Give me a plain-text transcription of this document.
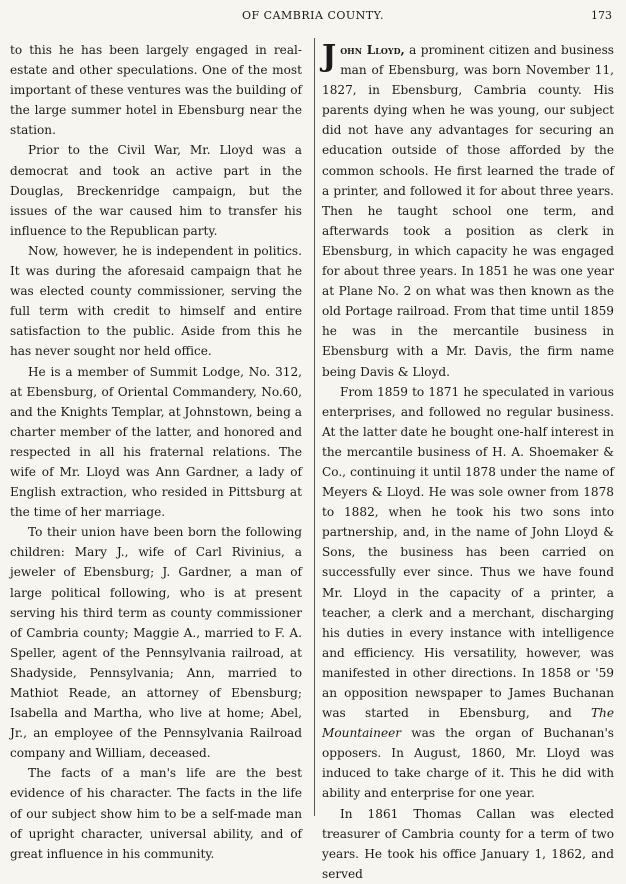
OF CAMBRIA COUNTY.	173

to this he has been largely engaged in real-estate and other speculations. One of the most important of these ventures was the building of the large summer hotel in Ebensburg near the station.

Prior to the Civil War, Mr. Lloyd was a democrat and took an active part in the Douglas, Breckenridge campaign, but the issues of the war caused him to transfer his influence to the Republican party.

Now, however, he is independent in politics. It was during the aforesaid campaign that he was elected county commissioner, serving the full term with credit to himself and entire satisfaction to the public. Aside from this he has never sought nor held office.

He is a member of Summit Lodge, No. 312, at Ebensburg, of Oriental Commandery, No.60, and the Knights Templar, at Johnstown, being a charter member of the latter, and honored and respected in all his fraternal relations. The wife of Mr. Lloyd was Ann Gardner, a lady of English extraction, who resided in Pittsburg at the time of her marriage.

To their union have been born the following children: Mary J., wife of Carl Rivinius, a jeweler of Ebensburg; J. Gardner, a man of large political following, who is at present serving his third term as county commissioner of Cambria county; Maggie A., married to F. A. Speller, agent of the Pennsylvania railroad, at Shadyside, Pennsylvania; Ann, married to Mathiot Reade, an attorney of Ebensburg; Isabella and Martha, who live at home; Abel, Jr., an employee of the Pennsylvania Railroad company and William, deceased.

The facts of a man's life are the best evidence of his character. The facts in the life of our subject show him to be a self-made man of upright character, universal ability, and of great influence in his community.

John Lloyd, a prominent citizen and business man of Ebensburg, was born November 11, 1827, in Ebensburg, Cambria county. His parents dying when he was young, our subject did not have any advantages for securing an education outside of those afforded by the common schools. He first learned the trade of a printer, and followed it for about three years. Then he taught school one term, and afterwards took a position as clerk in Ebensburg, in which capacity he was engaged for about three years. In 1851 he was one year at Plane No. 2 on what was then known as the old Portage railroad. From that time until 1859 he was in the mercantile business in Ebensburg with a Mr. Davis, the firm name being Davis & Lloyd.

From 1859 to 1871 he speculated in various enterprises, and followed no regular business. At the latter date he bought one-half interest in the mercantile business of H. A. Shoemaker & Co., continuing it until 1878 under the name of Meyers & Lloyd. He was sole owner from 1878 to 1882, when he took his two sons into partnership, and, in the name of John Lloyd & Sons, the business has been carried on successfully ever since. Thus we have found Mr. Lloyd in the capacity of a printer, a teacher, a clerk and a merchant, discharging his duties in every instance with intelligence and efficiency. His versatility, however, was manifested in other directions. In 1858 or '59 an opposition newspaper to James Buchanan was started in Ebensburg, and The Mountaineer was the organ of Buchanan's opposers. In August, 1860, Mr. Lloyd was induced to take charge of it. This he did with ability and enterprise for one year.

In 1861 Thomas Callan was elected treasurer of Cambria county for a term of two years. He took his office January 1, 1862, and served
